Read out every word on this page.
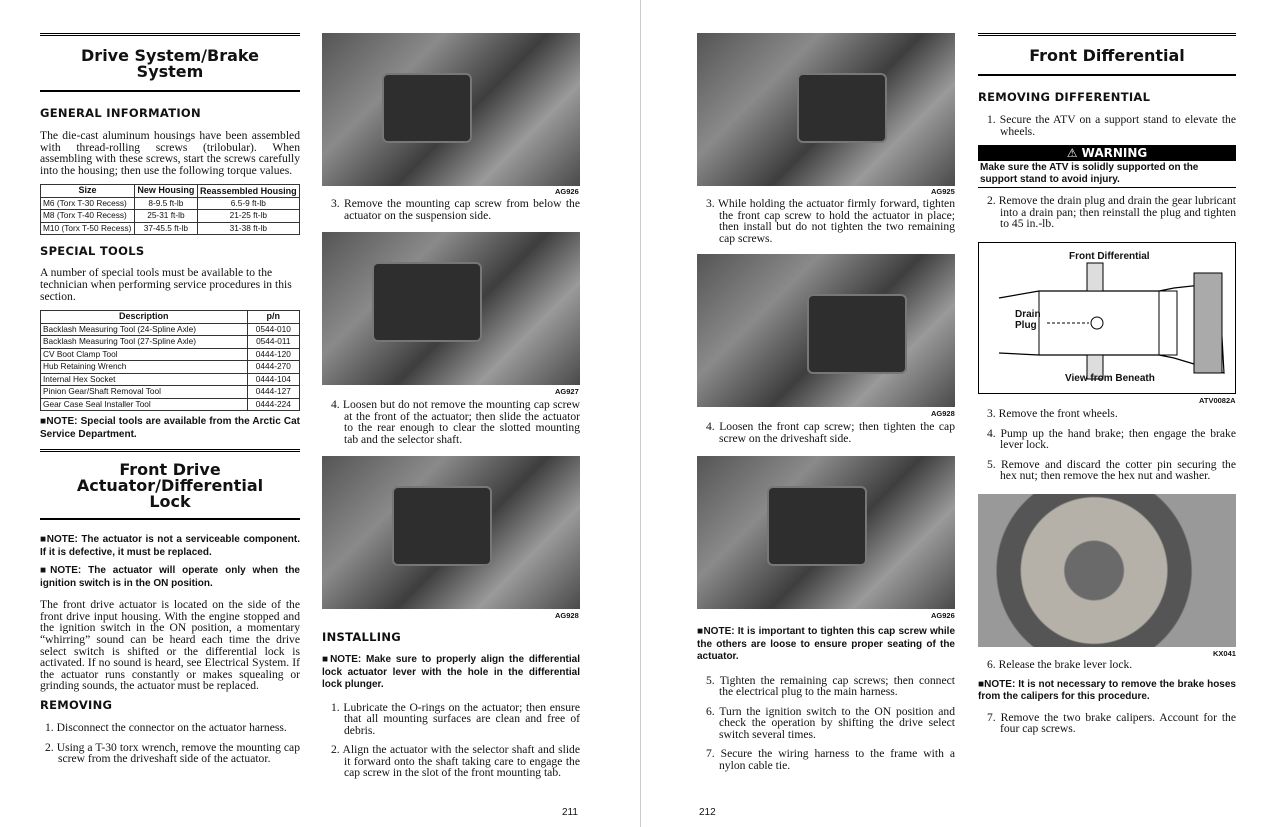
Drive System/Brake
System
GENERAL INFORMATION

The die-cast aluminum housings have been assembled with thread-rolling screws (trilobular). When assembling with these screws, start the screws carefully into the housing; then use the following torque values.

Size	New Housing	Reassembled Housing
M6 (Torx T-30 Recess)	8-9.5 ft-lb	6.5-9 ft-lb
M8 (Torx T-40 Recess)	25-31 ft-lb	21-25 ft-lb
M10 (Torx T-50 Recess)	37-45.5 ft-lb	31-38 ft-lb
SPECIAL TOOLS

A number of special tools must be available to the technician when performing service procedures in this section.

Description	p/n
Backlash Measuring Tool (24-Spline Axle)	0544-010
Backlash Measuring Tool (27-Spline Axle)	0544-011
CV Boot Clamp Tool	0444-120
Hub Retaining Wrench	0444-270
Internal Hex Socket	0444-104
Pinion Gear/Shaft Removal Tool	0444-127
Gear Case Seal Installer Tool	0444-224

■NOTE: Special tools are available from the Arctic Cat Service Department.

Front Drive
Actuator/Differential
Lock

■NOTE: The actuator is not a serviceable component. If it is defective, it must be replaced.

■NOTE: The actuator will operate only when the ignition switch is in the ON position.

The front drive actuator is located on the side of the front drive input housing. With the engine stopped and the ignition switch in the ON position, a momentary “whirring” sound can be heard each time the drive select switch is shifted or the differential lock is activated. If no sound is heard, see Electrical System. If the actuator runs constantly or makes squealing or grinding sounds, the actuator must be replaced.

REMOVING
1. Disconnect the connector on the actuator harness.
2. Using a T-30 torx wrench, remove the mounting cap screw from the driveshaft side of the actuator.
AG926
3. Remove the mounting cap screw from below the actuator on the suspension side.
AG927
4. Loosen but do not remove the mounting cap screw at the front of the actuator; then slide the actuator to the rear enough to clear the slotted mounting tab and the selector shaft.
AG928
INSTALLING

■NOTE: Make sure to properly align the differential lock actuator lever with the hole in the differential lock plunger.

1. Lubricate the O-rings on the actuator; then ensure that all mounting surfaces are clean and free of debris.
2. Align the actuator with the selector shaft and slide it forward onto the shaft taking care to engage the cap screw in the slot of the front mounting tab.
211
AG925
3. While holding the actuator firmly forward, tighten the front cap screw to hold the actuator in place; then install but do not tighten the two remaining cap screws.
AG928
4. Loosen the front cap screw; then tighten the cap screw on the driveshaft side.
AG926

■NOTE: It is important to tighten this cap screw while the others are loose to ensure proper seating of the actuator.

5. Tighten the remaining cap screws; then connect the electrical plug to the main harness.
6. Turn the ignition switch to the ON position and check the operation by shifting the drive select switch several times.
7. Secure the wiring harness to the frame with a nylon cable tie.
212
Front Differential
REMOVING DIFFERENTIAL
1. Secure the ATV on a support stand to elevate the wheels.
⚠ WARNING
Make sure the ATV is solidly supported on the support stand to avoid injury.
2. Remove the drain plug and drain the gear lubricant into a drain pan; then reinstall the plug and tighten to 45 in.-lb.
Front Differential
Drain Plug
View from Beneath
ATV0082A
3. Remove the front wheels.
4. Pump up the hand brake; then engage the brake lever lock.
5. Remove and discard the cotter pin securing the hex nut; then remove the hex nut and washer.
KX041
6. Release the brake lever lock.

■NOTE: It is not necessary to remove the brake hoses from the calipers for this procedure.

7. Remove the two brake calipers. Account for the four cap screws.
